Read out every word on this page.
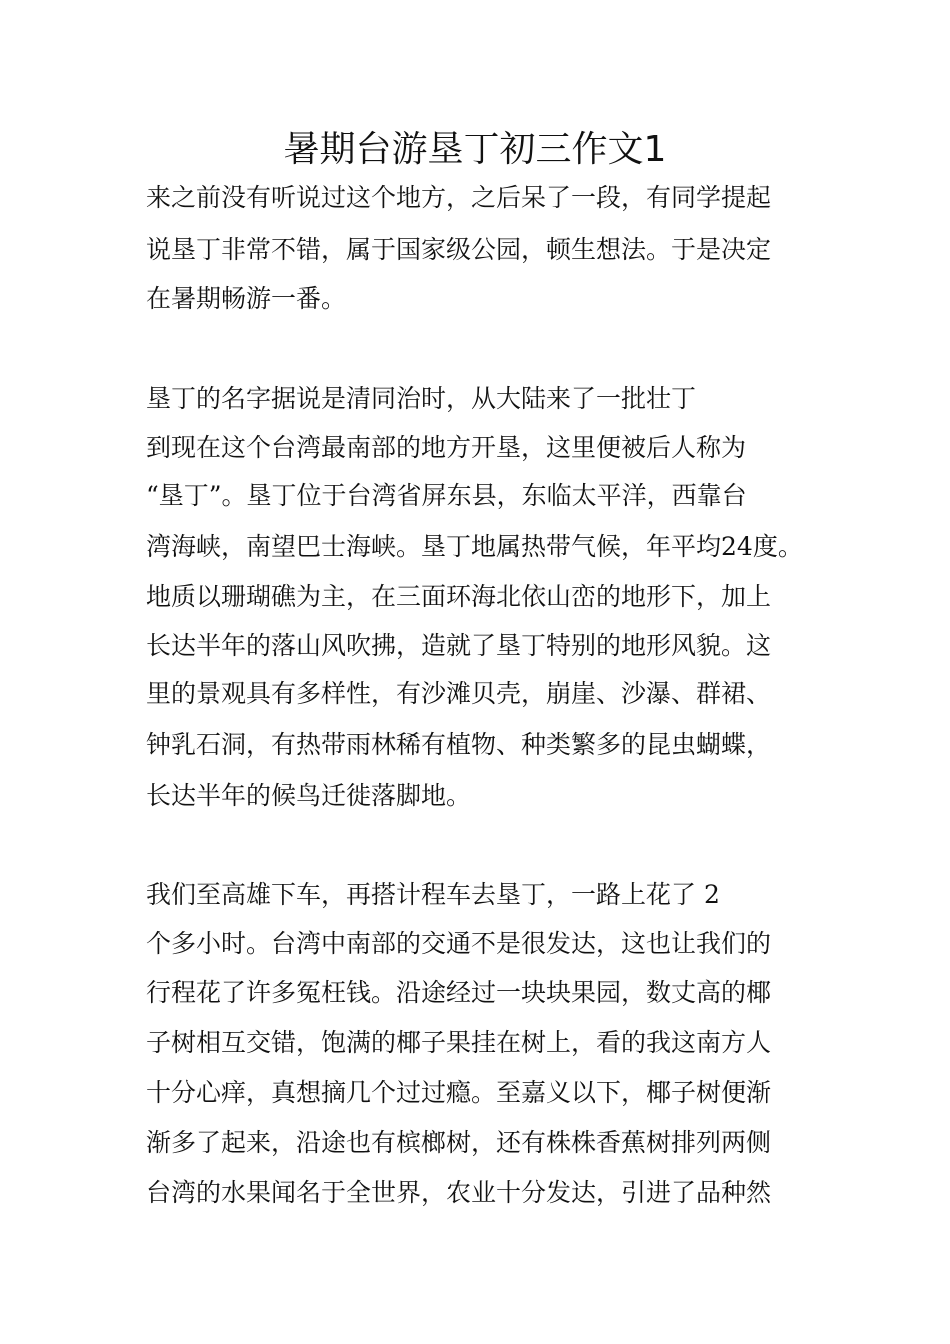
暑期台游垦丁初三作文1

来之前没有听说过这个地方，之后呆了一段，有同学提起

说垦丁非常不错，属于国家级公园，顿生想法。于是决定

在暑期畅游一番。

垦丁的名字据说是清同治时，从大陆来了一批壮丁

到现在这个台湾最南部的地方开垦，这里便被后人称为

“垦丁”。垦丁位于台湾省屏东县，东临太平洋，西靠台

湾海峡，南望巴士海峡。垦丁地属热带气候，年平均24度。

地质以珊瑚礁为主，在三面环海北依山峦的地形下，加上

长达半年的落山风吹拂，造就了垦丁特别的地形风貌。这

里的景观具有多样性，有沙滩贝壳，崩崖、沙瀑、群裙、

钟乳石洞，有热带雨林稀有植物、种类繁多的昆虫蝴蝶，

长达半年的候鸟迁徙落脚地。

我们至高雄下车，再搭计程车去垦丁，一路上花了 2

个多小时。台湾中南部的交通不是很发达，这也让我们的

行程花了许多冤枉钱。沿途经过一块块果园，数丈高的椰

子树相互交错，饱满的椰子果挂在树上，看的我这南方人

十分心痒，真想摘几个过过瘾。至嘉义以下，椰子树便渐

渐多了起来，沿途也有槟榔树，还有株株香蕉树排列两侧

台湾的水果闻名于全世界，农业十分发达，引进了品种然
